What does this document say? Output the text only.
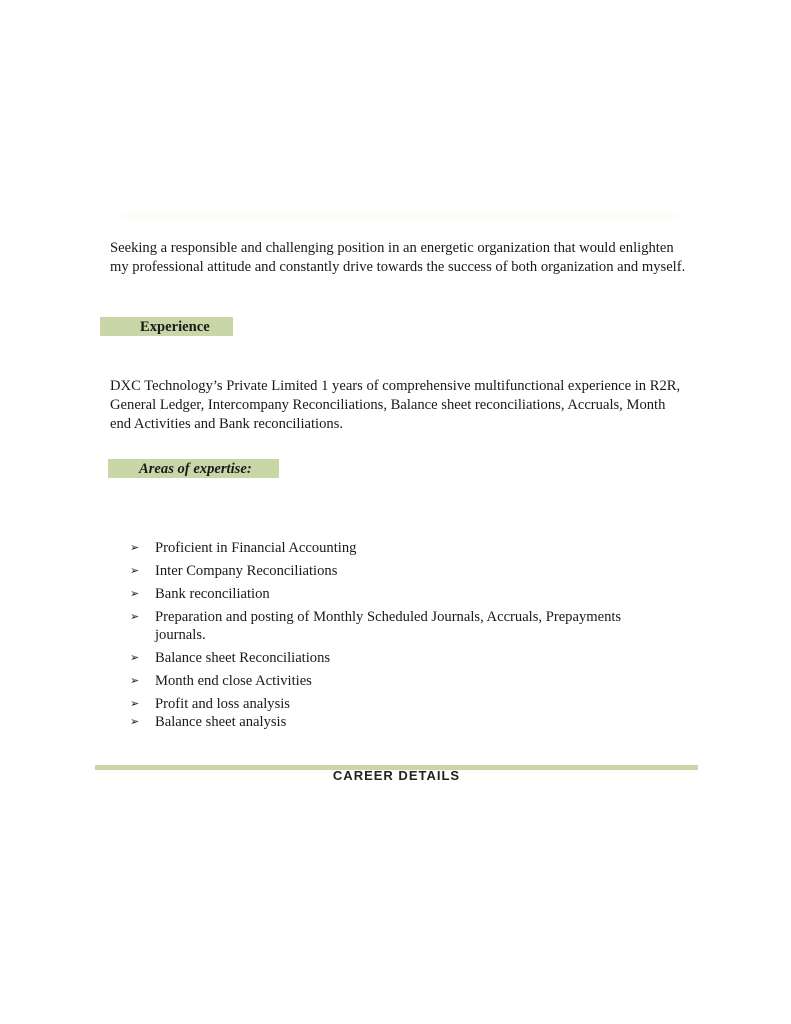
Seeking a responsible and challenging position in an energetic organization that would enlighten my professional attitude and constantly drive towards the success of both organization and myself.

Experience

DXC Technology’s Private Limited 1 years of comprehensive multifunctional experience in R2R, General Ledger, Intercompany Reconciliations, Balance sheet reconciliations, Accruals, Month end Activities and Bank reconciliations.

Areas of expertise:
➢ Proficient in Financial Accounting
➢ Inter Company Reconciliations
➢ Bank reconciliation
➢ Preparation and posting of Monthly Scheduled Journals, Accruals, Prepayments journals.
➢ Balance sheet Reconciliations
➢ Month end close Activities
➢ Profit and loss analysis
➢ Balance sheet analysis
CAREER DETAILS
